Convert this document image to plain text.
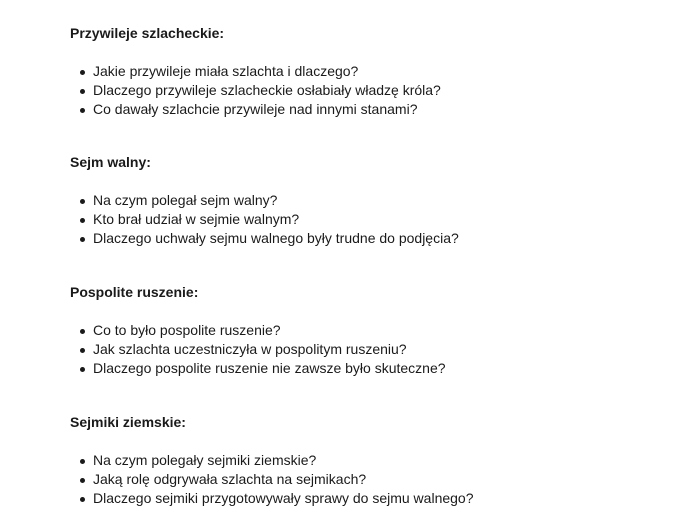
Przywileje szlacheckie:

Jakie przywileje miała szlachta i dlaczego?
Dlaczego przywileje szlacheckie osłabiały władzę króla?
Co dawały szlachcie przywileje nad innymi stanami?

Sejm walny:

Na czym polegał sejm walny?
Kto brał udział w sejmie walnym?
Dlaczego uchwały sejmu walnego były trudne do podjęcia?

Pospolite ruszenie:

Co to było pospolite ruszenie?
Jak szlachta uczestniczyła w pospolitym ruszeniu?
Dlaczego pospolite ruszenie nie zawsze było skuteczne?

Sejmiki ziemskie:

Na czym polegały sejmiki ziemskie?
Jaką rolę odgrywała szlachta na sejmikach?
Dlaczego sejmiki przygotowywały sprawy do sejmu walnego?
